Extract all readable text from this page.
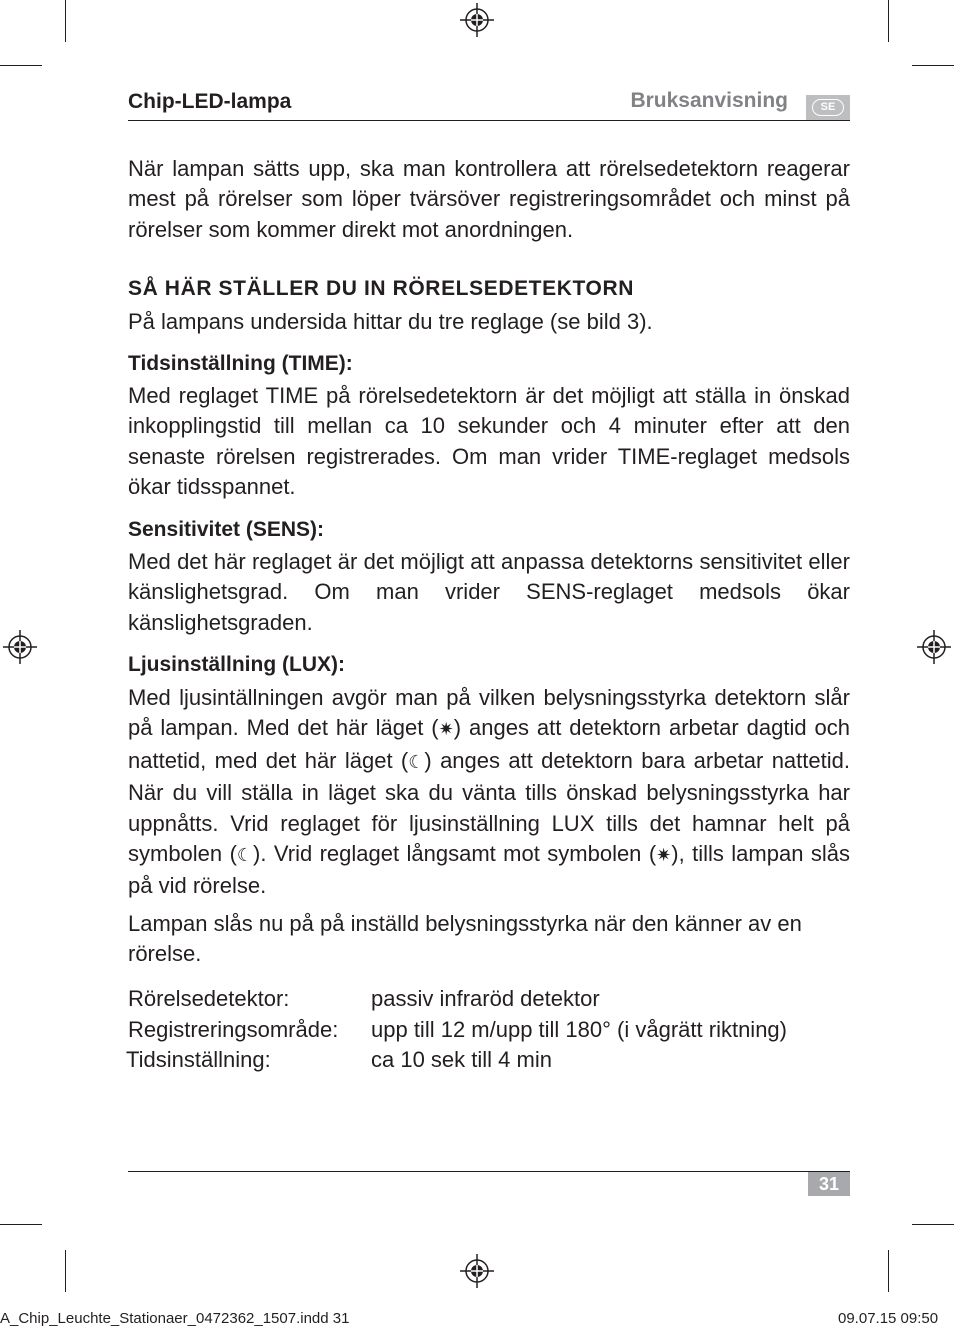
Chip-LED-lampa	Bruksanvisning	SE

När lampan sätts upp, ska man kontrollera att rörelsedetektorn reagerar mest på rörelser som löper tvärsöver registreringsområdet och minst på rörelser som kommer direkt mot anordningen.

SÅ HÄR STÄLLER DU IN RÖRELSEDETEKTORN

På lampans undersida hittar du tre reglage (se bild 3).

Tidsinställning (TIME):

Med reglaget TIME på rörelsedetektorn är det möjligt att ställa in önskad inkopplingstid till mellan ca 10 sekunder och 4 minuter efter att den senaste rörelsen registrerades. Om man vrider TIME-reglaget medsols ökar tidsspannet.

Sensitivitet (SENS):

Med det här reglaget är det möjligt att anpassa detektorns sensitivitet eller känslighetsgrad. Om man vrider SENS-reglaget medsols ökar känslighetsgraden.

Ljusinställning (LUX):

Med ljusintällningen avgör man på vilken belysningsstyrka detektorn slår på lampan. Med det här läget (✷) anges att detektorn arbetar dagtid och nattetid, med det här läget (☾) anges att detektorn bara arbetar nattetid. När du vill ställa in läget ska du vänta tills önskad belysningsstyrka har uppnåtts. Vrid reglaget för ljusinställning LUX tills det hamnar helt på symbolen (☾). Vrid reglaget långsamt mot symbolen (✷), tills lampan slås på vid rörelse.

Lampan slås nu på på inställd belysningsstyrka när den känner av en rörelse.

Rörelsedetektor:	passiv infraröd detektor
Registreringsområde: upp till 12 m/upp till 180° (i vågrätt riktning)
Tidsinställning:	ca 10 sek till 4 min
31
A_Chip_Leuchte_Stationaer_0472362_1507.indd 31	09.07.15 09:50
